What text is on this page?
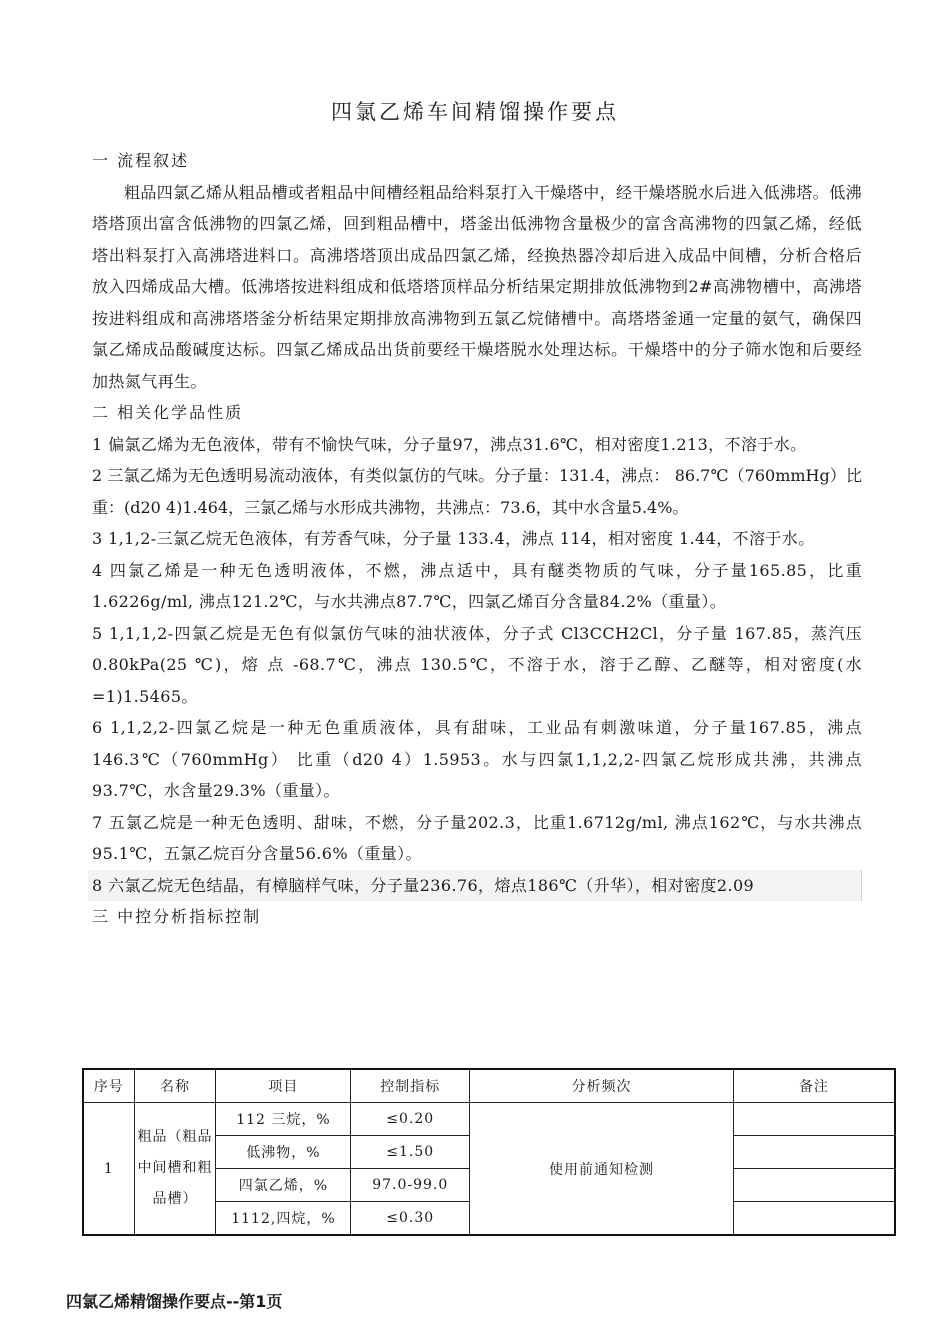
四氯乙烯车间精馏操作要点

一 流程叙述

粗品四氯乙烯从粗品槽或者粗品中间槽经粗品给料泵打入干燥塔中，经干燥塔脱水后进入低沸塔。低沸塔塔顶出富含低沸物的四氯乙烯，回到粗品槽中，塔釜出低沸物含量极少的富含高沸物的四氯乙烯，经低塔出料泵打入高沸塔进料口。高沸塔塔顶出成品四氯乙烯，经换热器冷却后进入成品中间槽，分析合格后放入四烯成品大槽。低沸塔按进料组成和低塔塔顶样品分析结果定期排放低沸物到2#高沸物槽中，高沸塔按进料组成和高沸塔塔釜分析结果定期排放高沸物到五氯乙烷储槽中。高塔塔釜通一定量的氨气，确保四氯乙烯成品酸碱度达标。四氯乙烯成品出货前要经干燥塔脱水处理达标。干燥塔中的分子筛水饱和后要经加热氮气再生。

二 相关化学品性质

1 偏氯乙烯为无色液体，带有不愉快气味，分子量97，沸点31.6℃，相对密度1.213，不溶于水。

2 三氯乙烯为无色透明易流动液体，有类似氯仿的气味。分子量：131.4，沸点： 86.7℃（760mmHg）比重：(d20 4)1.464，三氯乙烯与水形成共沸物，共沸点：73.6，其中水含量5.4%。

3 1,1,2-三氯乙烷无色液体，有芳香气味，分子量 133.4，沸点 114，相对密度 1.44，不溶于水。

4 四氯乙烯是一种无色透明液体，不燃，沸点适中，具有醚类物质的气味，分子量165.85，比重1.6226g/ml, 沸点121.2℃，与水共沸点87.7℃，四氯乙烯百分含量84.2%（重量）。

5 1,1,1,2-四氯乙烷是无色有似氯仿气味的油状液体，分子式 Cl3CCH2Cl，分子量 167.85，蒸汽压 0.80kPa(25 ℃)，熔 点 -68.7℃，沸点 130.5℃，不溶于水，溶于乙醇、乙醚等，相对密度(水=1)1.5465。

6 1,1,2,2-四氯乙烷是一种无色重质液体，具有甜味，工业品有刺激味道，分子量167.85，沸点146.3℃（760mmHg） 比重（d20 4）1.5953。水与四氯1,1,2,2-四氯乙烷形成共沸，共沸点93.7℃，水含量29.3%（重量）。

7 五氯乙烷是一种无色透明、甜味，不燃，分子量202.3，比重1.6712g/ml, 沸点162℃，与水共沸点95.1℃，五氯乙烷百分含量56.6%（重量）。

8 六氯乙烷无色结晶，有樟脑样气味，分子量236.76，熔点186℃（升华），相对密度2.09

三 中控分析指标控制

序号	名称	项目	控制指标	分析频次	备注
1	粗品（粗品中间槽和粗品槽）	112 三烷，%	≤0.20	使用前通知检测	
		低沸物，%	≤1.50		
		四氯乙烯，%	97.0-99.0		
		1112,四烷，%	≤0.30		
四氯乙烯精馏操作要点--第1页
